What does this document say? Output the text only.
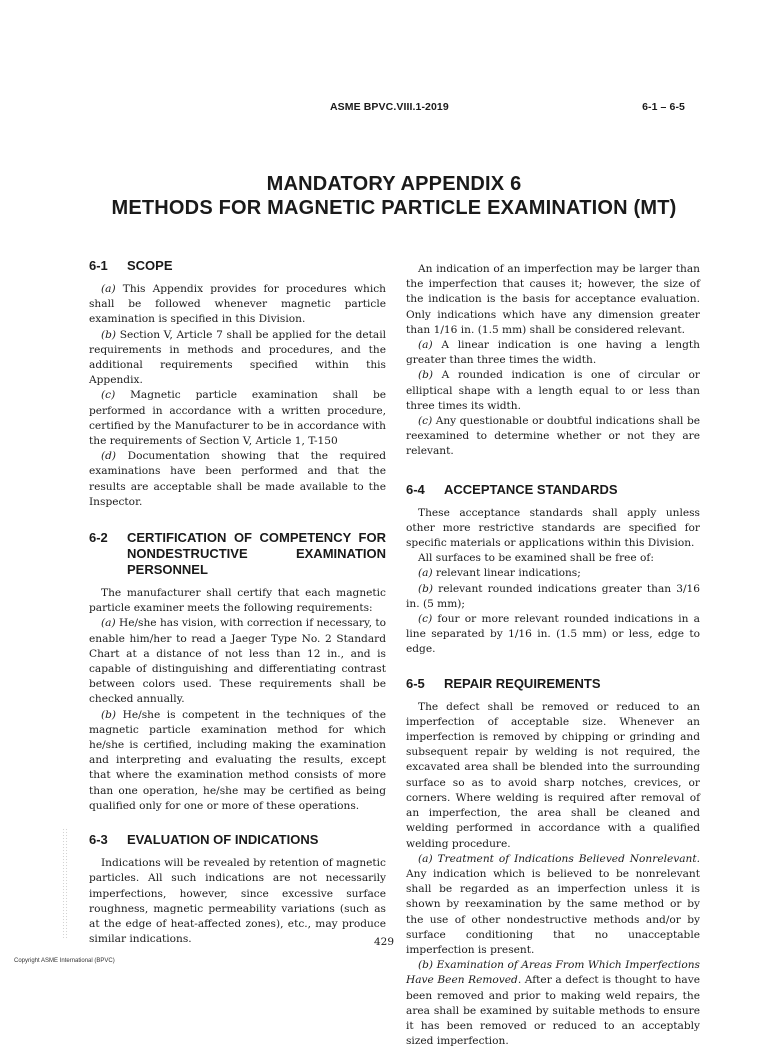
ASME BPVC.VIII.1-2019	6-1 – 6-5
MANDATORY APPENDIX 6
METHODS FOR MAGNETIC PARTICLE EXAMINATION (MT)
6-1	SCOPE

(a) This Appendix provides for procedures which shall be followed whenever magnetic particle examination is specified in this Division.

(b) Section V, Article 7 shall be applied for the detail requirements in methods and procedures, and the additional requirements specified within this Appendix.

(c) Magnetic particle examination shall be performed in accordance with a written procedure, certified by the Manufacturer to be in accordance with the requirements of Section V, Article 1, T-150

(d) Documentation showing that the required examinations have been performed and that the results are acceptable shall be made available to the Inspector.

6-2	CERTIFICATION OF COMPETENCY FOR NONDESTRUCTIVE EXAMINATION PERSONNEL

The manufacturer shall certify that each magnetic particle examiner meets the following requirements:

(a) He/she has vision, with correction if necessary, to enable him/her to read a Jaeger Type No. 2 Standard Chart at a distance of not less than 12 in., and is capable of distinguishing and differentiating contrast between colors used. These requirements shall be checked annually.

(b) He/she is competent in the techniques of the magnetic particle examination method for which he/she is certified, including making the examination and interpreting and evaluating the results, except that where the examination method consists of more than one operation, he/she may be certified as being qualified only for one or more of these operations.

6-3	EVALUATION OF INDICATIONS

Indications will be revealed by retention of magnetic particles. All such indications are not necessarily imperfections, however, since excessive surface roughness, magnetic permeability variations (such as at the edge of heat-affected zones), etc., may produce similar indications.

An indication of an imperfection may be larger than the imperfection that causes it; however, the size of the indication is the basis for acceptance evaluation. Only indications which have any dimension greater than 1/16 in. (1.5 mm) shall be considered relevant.

(a) A linear indication is one having a length greater than three times the width.

(b) A rounded indication is one of circular or elliptical shape with a length equal to or less than three times its width.

(c) Any questionable or doubtful indications shall be reexamined to determine whether or not they are relevant.

6-4	ACCEPTANCE STANDARDS

These acceptance standards shall apply unless other more restrictive standards are specified for specific materials or applications within this Division.

All surfaces to be examined shall be free of:

(a) relevant linear indications;

(b) relevant rounded indications greater than 3/16 in. (5 mm);

(c) four or more relevant rounded indications in a line separated by 1/16 in. (1.5 mm) or less, edge to edge.

6-5	REPAIR REQUIREMENTS

The defect shall be removed or reduced to an imperfection of acceptable size. Whenever an imperfection is removed by chipping or grinding and subsequent repair by welding is not required, the excavated area shall be blended into the surrounding surface so as to avoid sharp notches, crevices, or corners. Where welding is required after removal of an imperfection, the area shall be cleaned and welding performed in accordance with a qualified welding procedure.

(a) Treatment of Indications Believed Nonrelevant. Any indication which is believed to be nonrelevant shall be regarded as an imperfection unless it is shown by reexamination by the same method or by the use of other nondestructive methods and/or by surface conditioning that no unacceptable imperfection is present.

(b) Examination of Areas From Which Imperfections Have Been Removed. After a defect is thought to have been removed and prior to making weld repairs, the area shall be examined by suitable methods to ensure it has been removed or reduced to an acceptably sized imperfection.

429
Copyright ASME International (BPVC)
